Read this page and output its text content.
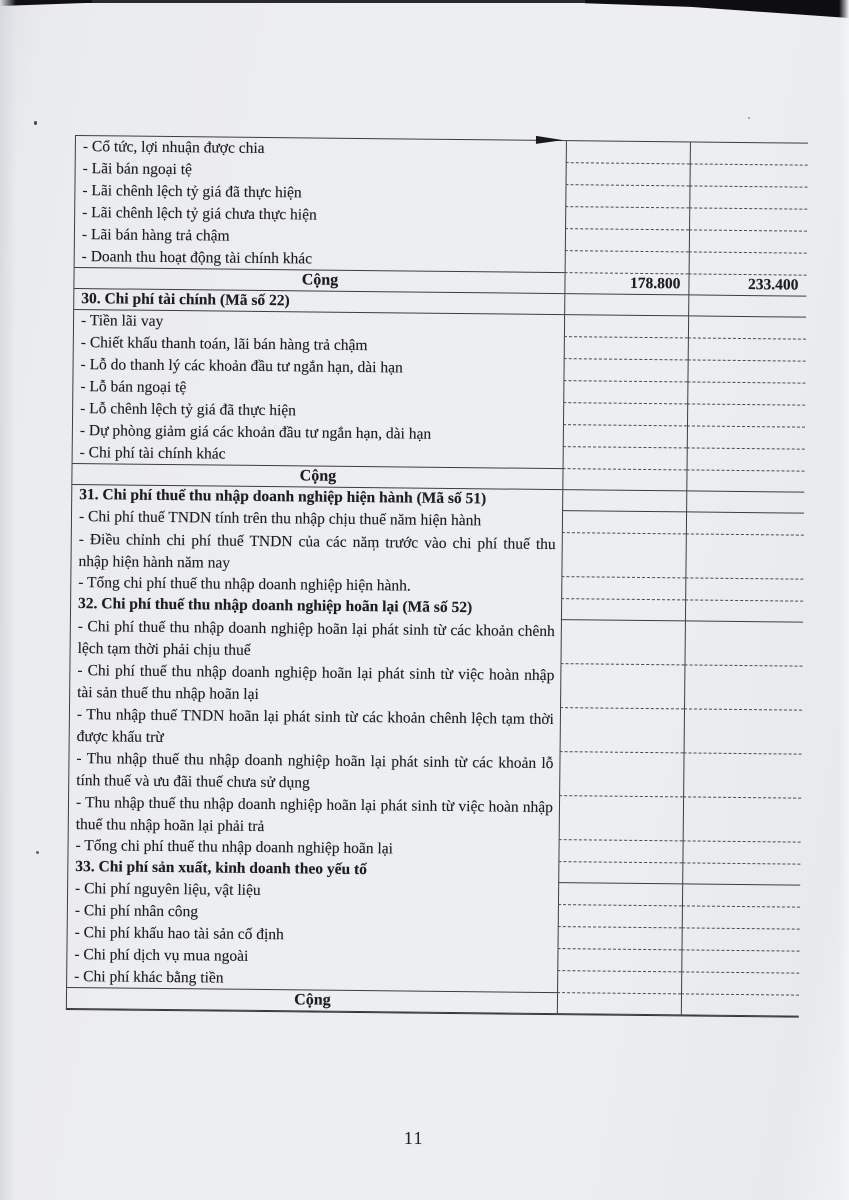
- Cổ tức, lợi nhuận được chia
- Lãi bán ngoại tệ
- Lãi chênh lệch tỷ giá đã thực hiện
- Lãi chênh lệch tỷ giá chưa thực hiện
- Lãi bán hàng trả chậm
- Doanh thu hoạt động tài chính khác
Cộng	178.800	233.400
30. Chi phí tài chính (Mã số 22)
- Tiền lãi vay
- Chiết khấu thanh toán, lãi bán hàng trả chậm
- Lỗ do thanh lý các khoản đầu tư ngắn hạn, dài hạn
- Lỗ bán ngoại tệ
- Lỗ chênh lệch tỷ giá đã thực hiện
- Dự phòng giảm giá các khoản đầu tư ngắn hạn, dài hạn
- Chi phí tài chính khác
Cộng
31. Chi phí thuế thu nhập doanh nghiệp hiện hành (Mã số 51)
- Chi phí thuế TNDN tính trên thu nhập chịu thuế năm hiện hành
- Điều chỉnh chi phí thuế TNDN của các năm trước vào chi phí thuế thu nhập hiện hành năm nay
- Tổng chi phí thuế thu nhập doanh nghiệp hiện hành.
32. Chi phí thuế thu nhập doanh nghiệp hoãn lại (Mã số 52)
- Chi phí thuế thu nhập doanh nghiệp hoãn lại phát sinh từ các khoản chênh lệch tạm thời phải chịu thuế
- Chi phí thuế thu nhập doanh nghiệp hoãn lại phát sinh từ việc hoàn nhập tài sản thuế thu nhập hoãn lại
- Thu nhập thuế TNDN hoãn lại phát sinh từ các khoản chênh lệch tạm thời được khấu trừ
- Thu nhập thuế thu nhập doanh nghiệp hoãn lại phát sinh từ các khoản lỗ tính thuế và ưu đãi thuế chưa sử dụng
- Thu nhập thuế thu nhập doanh nghiệp hoãn lại phát sinh từ việc hoàn nhập thuế thu nhập hoãn lại phải trả
- Tổng chi phí thuế thu nhập doanh nghiệp hoãn lại
33. Chi phí sản xuất, kinh doanh theo yếu tố
- Chi phí nguyên liệu, vật liệu
- Chi phí nhân công
- Chi phí khấu hao tài sản cố định
- Chi phí dịch vụ mua ngoài
- Chi phí khác bằng tiền
Cộng
11
